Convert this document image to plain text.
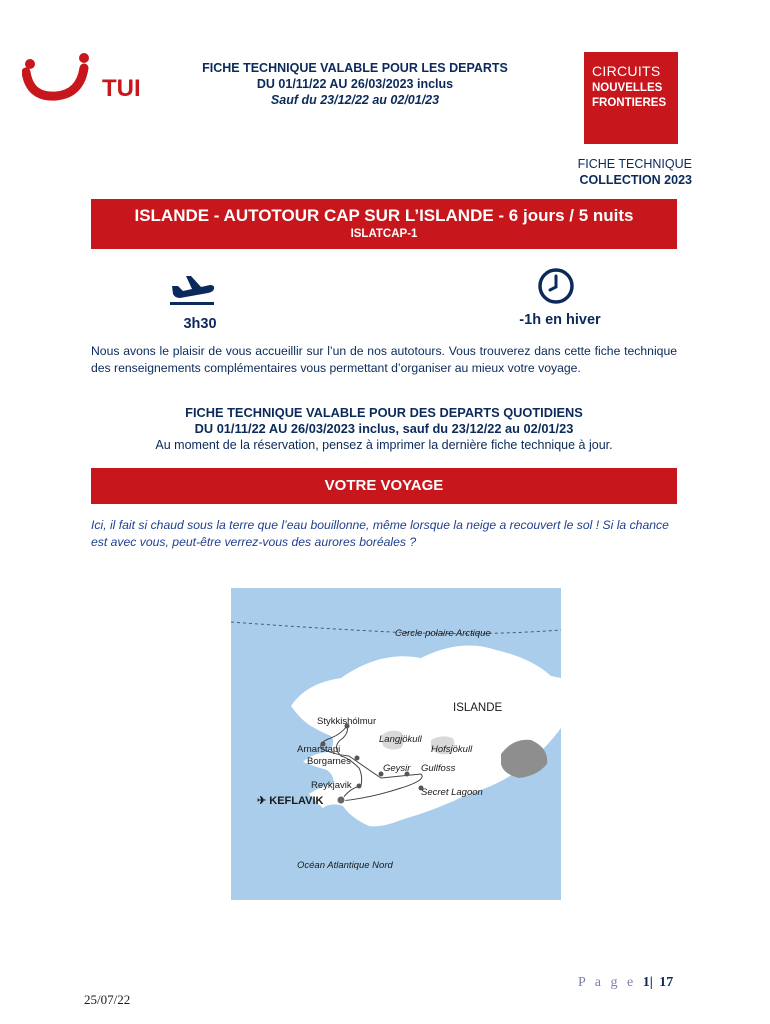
TUI
FICHE TECHNIQUE VALABLE POUR LES DEPARTS
DU 01/11/22 AU 26/03/2023 inclus
Sauf du 23/12/22 au 02/01/23
CIRCUITS
NOUVELLES
FRONTIERES
FICHE TECHNIQUE
COLLECTION 2023
ISLANDE - AUTOTOUR CAP SUR L’ISLANDE - 6 jours / 5 nuits
ISLATCAP-1
3h30	-1h en hiver
Nous avons le plaisir de vous accueillir sur l’un de nos autotours. Vous trouverez dans cette fiche technique des renseignements complémentaires vous permettant d’organiser au mieux votre voyage.
FICHE TECHNIQUE VALABLE POUR DES DEPARTS QUOTIDIENS
DU 01/11/22 AU 26/03/2023 inclus, sauf du 23/12/22 au 02/01/23
Au moment de la réservation, pensez à imprimer la dernière fiche technique à jour.
VOTRE VOYAGE
Ici, il fait si chaud sous la terre que l’eau bouillonne, même lorsque la neige a recouvert le sol ! Si la chance est avec vous, peut-être verrez-vous des aurores boréales ?
Cercle polaire Arctique
ISLANDE
Stykkishólmur
Arnarstapi
Borgarnes
Reykjavik
✈ KEFLAVIK
Langjökull
Hofsjökull
Geysir Gullfoss
Secret Lagoon
Océan Atlantique Nord
P a g e 1| 17
25/07/22
